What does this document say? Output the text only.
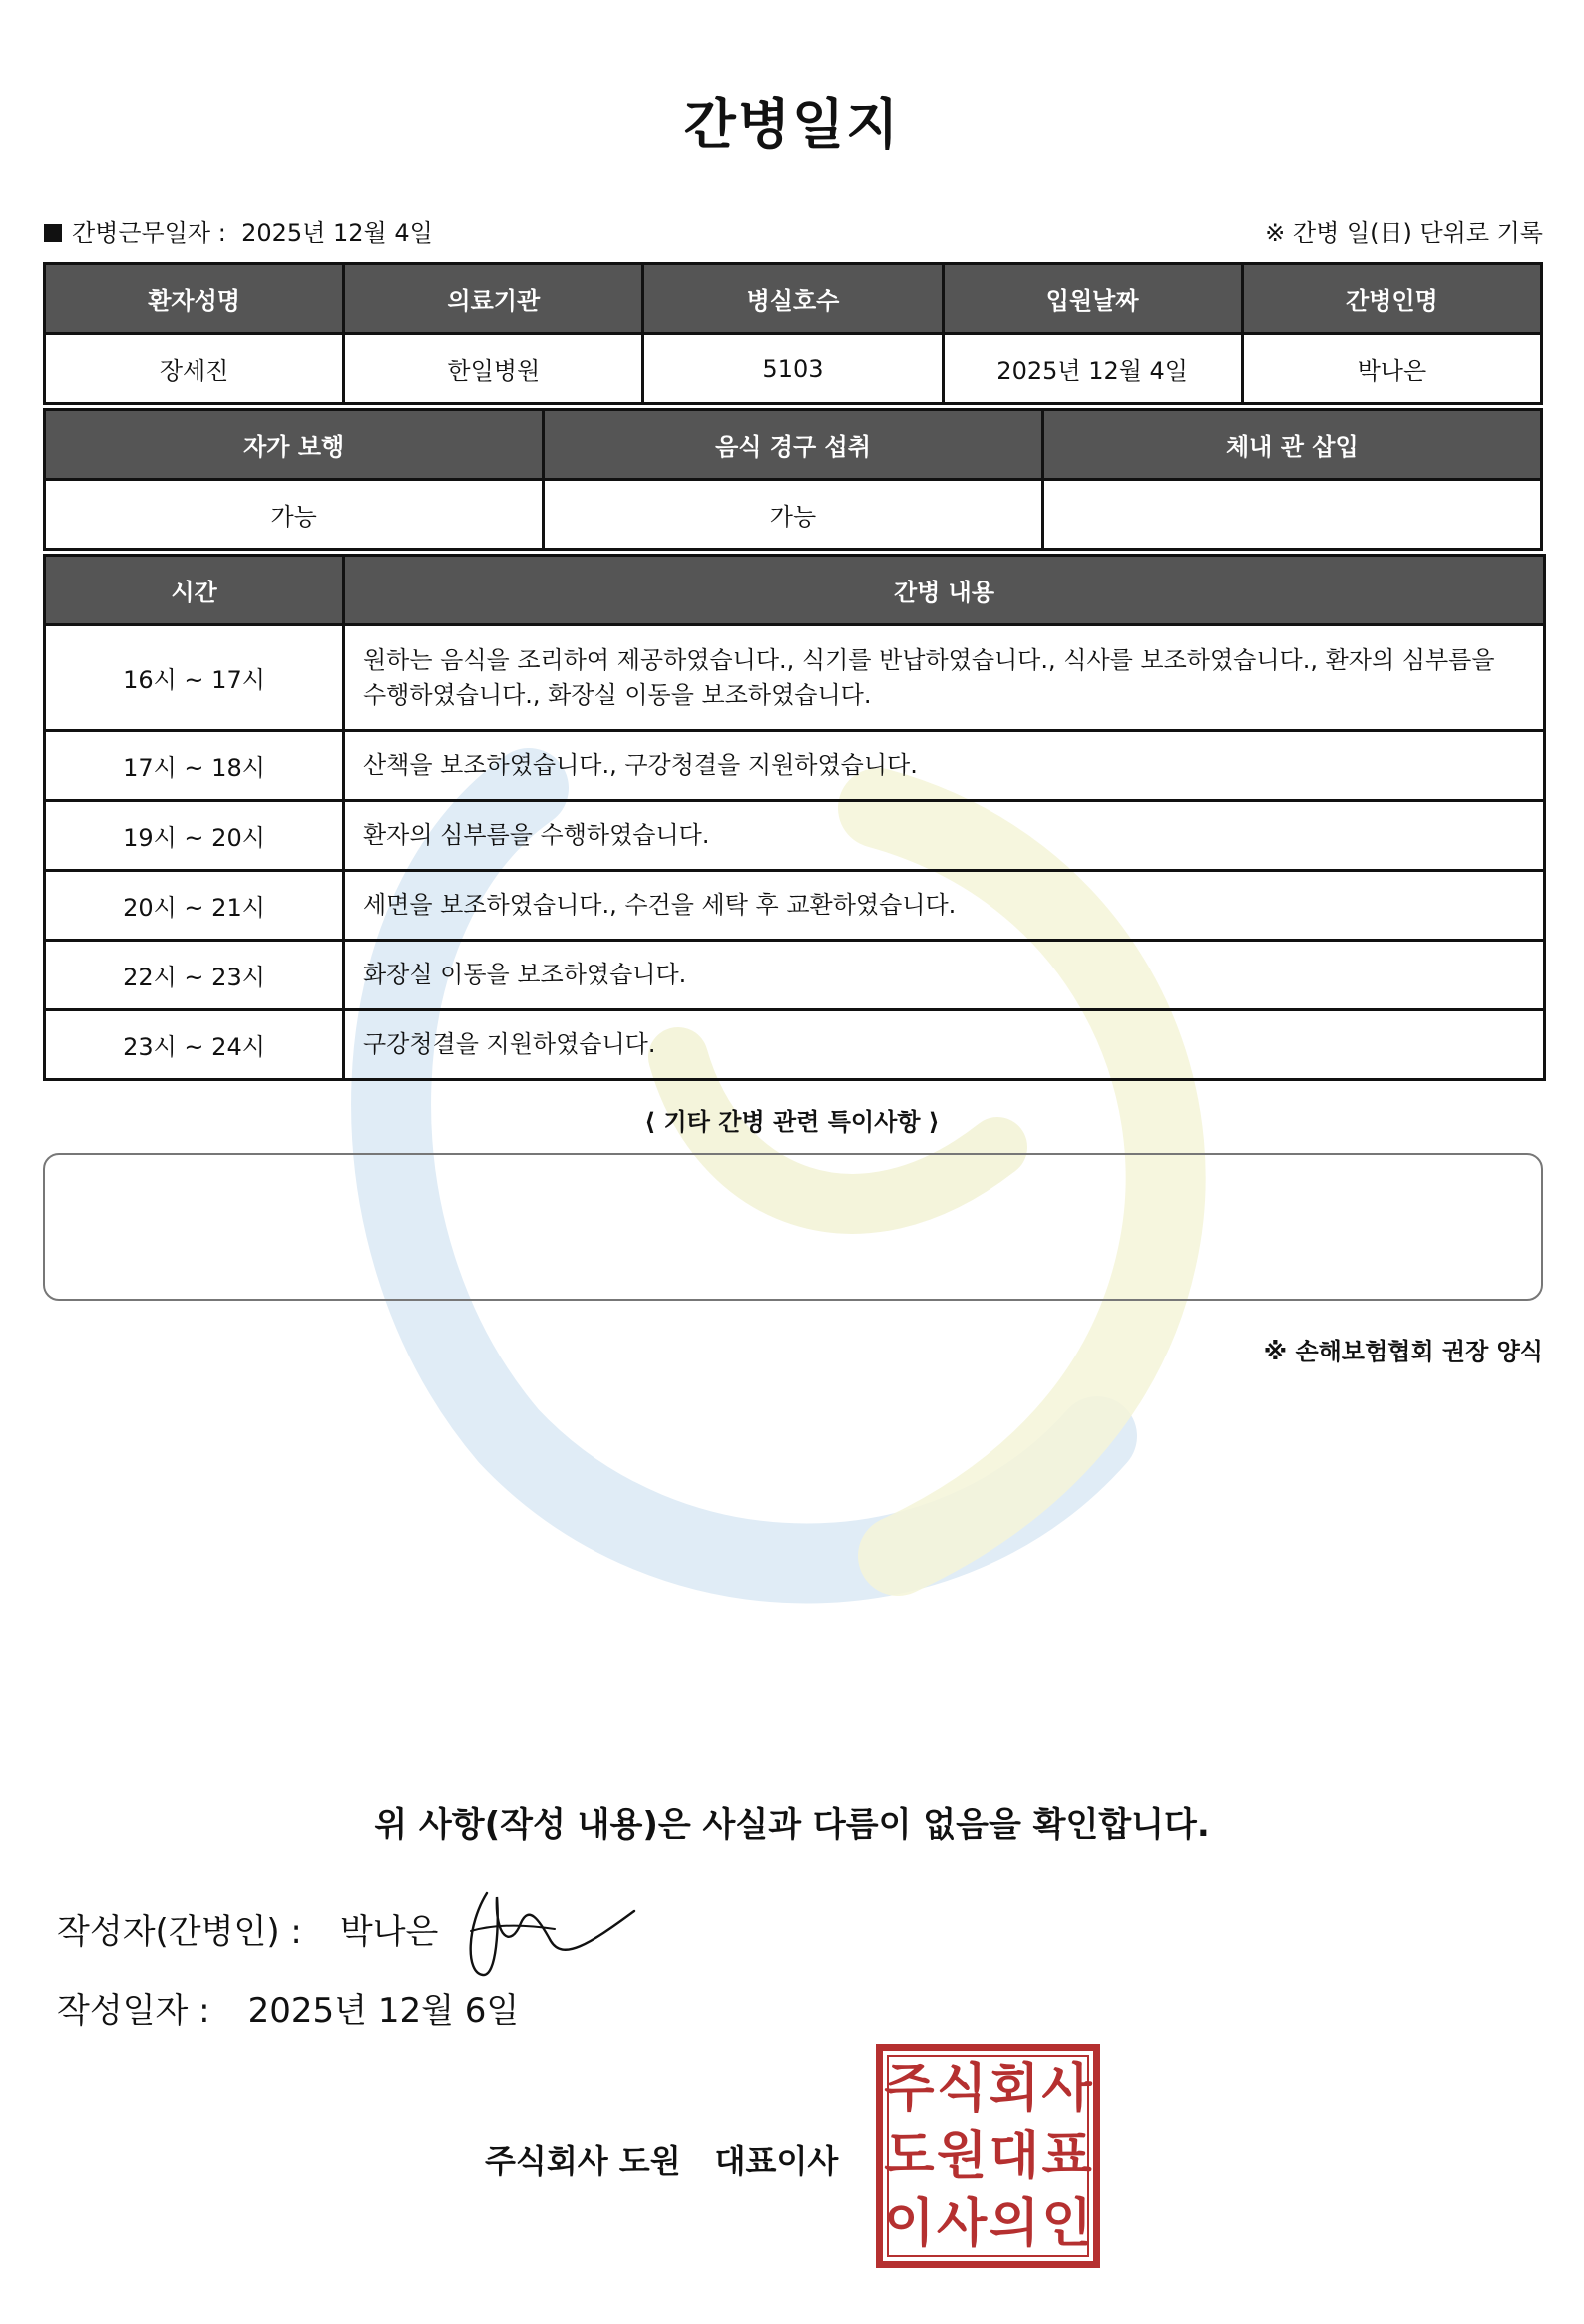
간병일지
간병근무일자 : 2025년 12월 4일	※ 간병 일(日) 단위로 기록
환자성명	의료기관	병실호수	입원날짜	간병인명
장세진	한일병원	5103	2025년 12월 4일	박나은
자가 보행	음식 경구 섭취	체내 관 삽입
가능	가능	
시간	간병 내용
16시 ~ 17시	원하는 음식을 조리하여 제공하였습니다., 식기를 반납하였습니다., 식사를 보조하였습니다., 환자의 심부름을 수행하였습니다., 화장실 이동을 보조하였습니다.
17시 ~ 18시	산책을 보조하였습니다., 구강청결을 지원하였습니다.
19시 ~ 20시	환자의 심부름을 수행하였습니다.
20시 ~ 21시	세면을 보조하였습니다., 수건을 세탁 후 교환하였습니다.
22시 ~ 23시	화장실 이동을 보조하였습니다.
23시 ~ 24시	구강청결을 지원하였습니다.
⟨ 기타 간병 관련 특이사항 ⟩
※ 손해보험협회 권장 양식
위 사항(작성 내용)은 사실과 다름이 없음을 확인합니다.
작성자(간병인) : 박나은
작성일자 : 2025년 12월 6일
주식회사 도원 대표이사
주 식 회 사
도 원 대 표
이 사 의 인
